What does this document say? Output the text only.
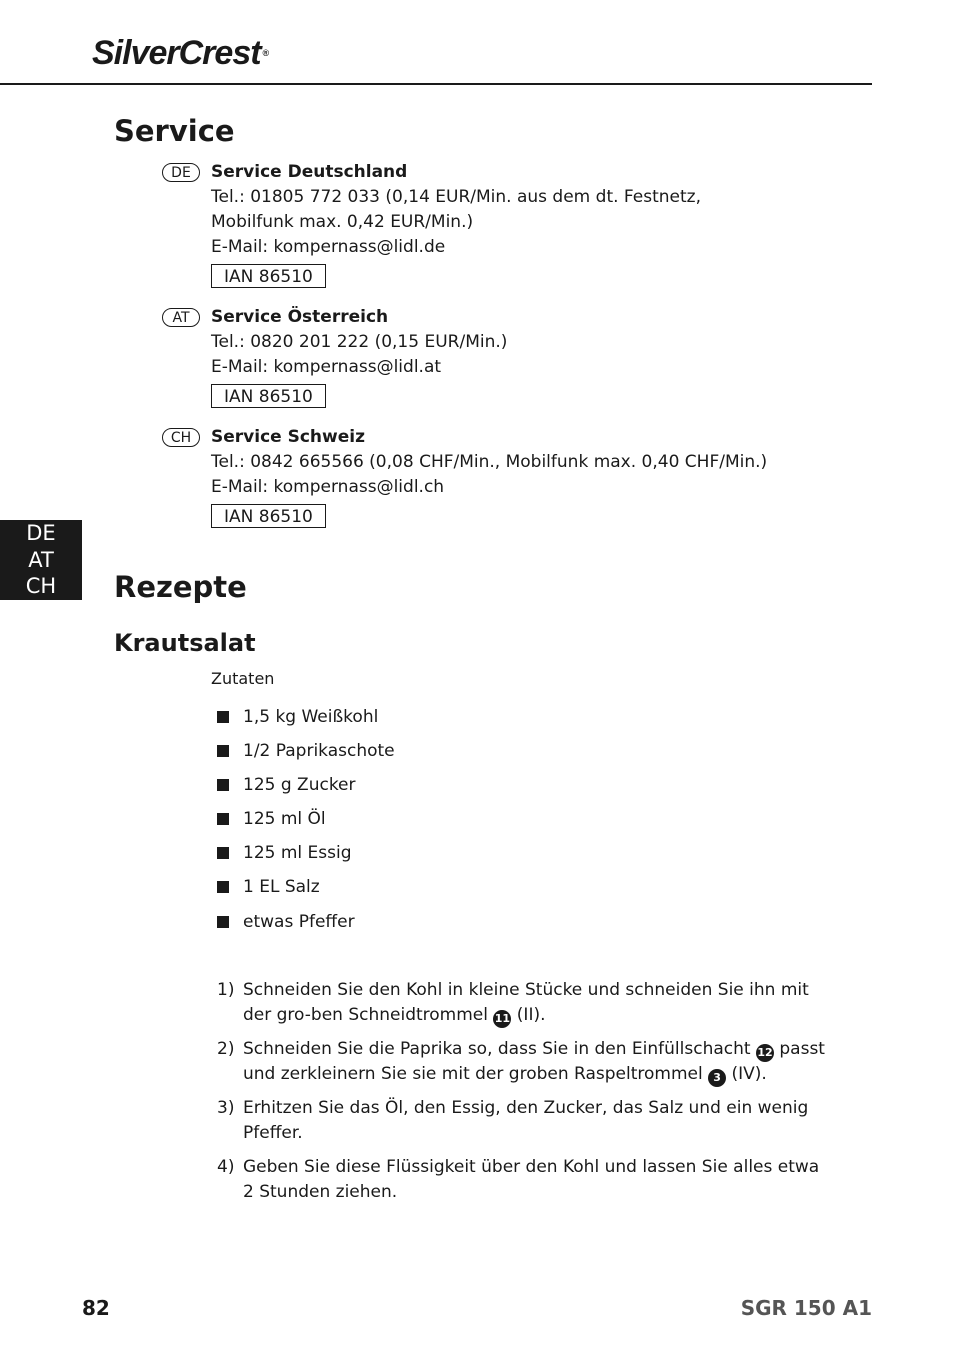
SilverCrest ®
Service
DE	Service Deutschland
Tel.: 01805 772 033 (0,14 EUR/Min. aus dem dt. Festnetz,
Mobilfunk max. 0,42 EUR/Min.)
E-Mail: kompernass@lidl.de
IAN 86510
AT	Service Österreich
Tel.: 0820 201 222 (0,15 EUR/Min.)
E-Mail: kompernass@lidl.at
IAN 86510
CH	Service Schweiz
Tel.: 0842 665566 (0,08 CHF/Min., Mobilfunk max. 0,40 CHF/Min.)
E-Mail: kompernass@lidl.ch
IAN 86510
DE
AT
CH	Rezepte
Krautsalat
Zutaten
1,5 kg Weißkohl
1/2 Paprikaschote
125 g Zucker
125 ml Öl
125 ml Essig
1 EL Salz
etwas Pfeffer
1) Schneiden Sie den Kohl in kleine Stücke und schneiden Sie ihn mit der gro-ben Schneidtrommel 11 (II).
2) Schneiden Sie die Paprika so, dass Sie in den Einfüllschacht 12 passt und zerkleinern Sie sie mit der groben Raspeltrommel 3 (IV).
3) Erhitzen Sie das Öl, den Essig, den Zucker, das Salz und ein wenig Pfeffer.
4) Geben Sie diese Flüssigkeit über den Kohl und lassen Sie alles etwa 2 Stunden ziehen.
82	SGR 150 A1
